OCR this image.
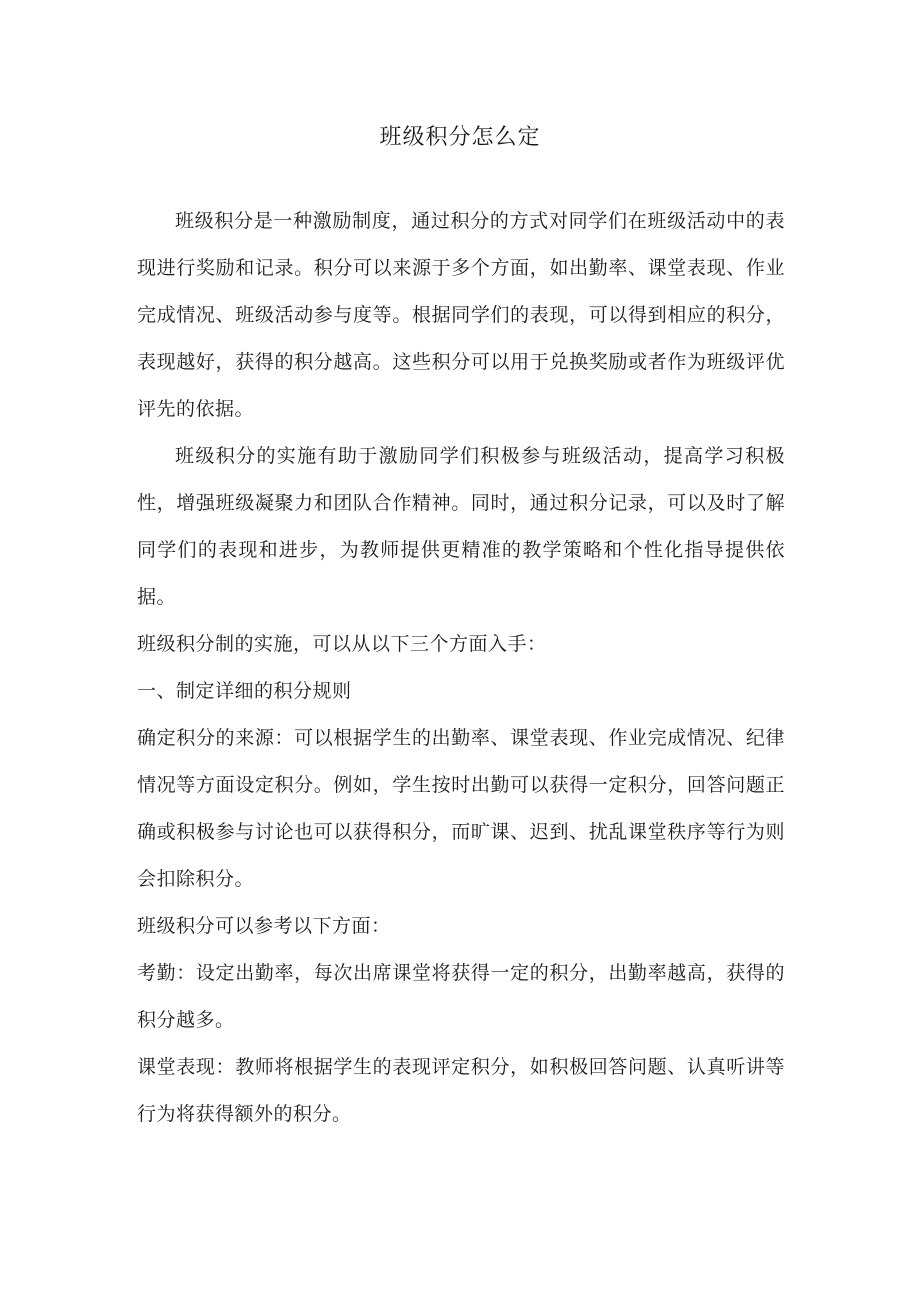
班级积分怎么定

班级积分是一种激励制度，通过积分的方式对同学们在班级活动中的表现进行奖励和记录。积分可以来源于多个方面，如出勤率、课堂表现、作业完成情况、班级活动参与度等。根据同学们的表现，可以得到相应的积分，表现越好，获得的积分越高。这些积分可以用于兑换奖励或者作为班级评优评先的依据。

班级积分的实施有助于激励同学们积极参与班级活动，提高学习积极性，增强班级凝聚力和团队合作精神。同时，通过积分记录，可以及时了解同学们的表现和进步，为教师提供更精准的教学策略和个性化指导提供依据。

班级积分制的实施，可以从以下三个方面入手：

一、制定详细的积分规则

确定积分的来源：可以根据学生的出勤率、课堂表现、作业完成情况、纪律情况等方面设定积分。例如，学生按时出勤可以获得一定积分，回答问题正确或积极参与讨论也可以获得积分，而旷课、迟到、扰乱课堂秩序等行为则会扣除积分。

班级积分可以参考以下方面：

考勤：设定出勤率，每次出席课堂将获得一定的积分，出勤率越高，获得的积分越多。

课堂表现：教师将根据学生的表现评定积分，如积极回答问题、认真听讲等行为将获得额外的积分。
